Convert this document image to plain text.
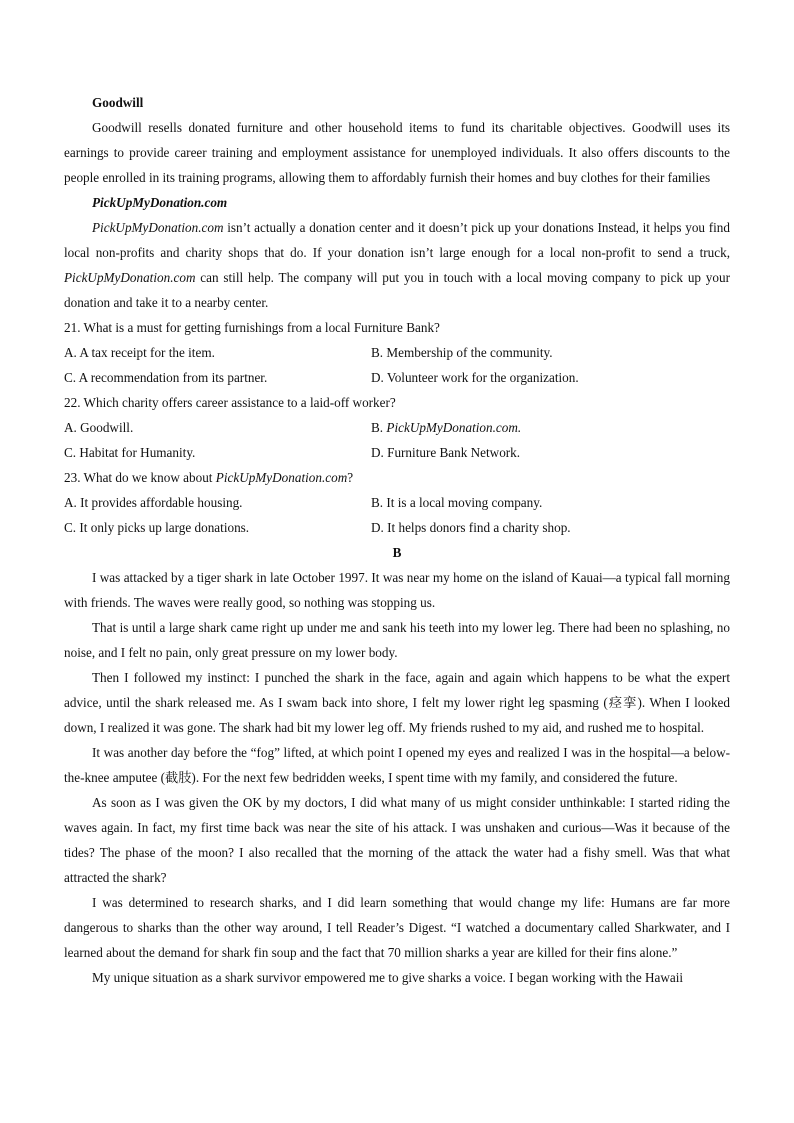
Goodwill

Goodwill resells donated furniture and other household items to fund its charitable objectives. Goodwill uses its earnings to provide career training and employment assistance for unemployed individuals. It also offers discounts to the people enrolled in its training programs, allowing them to affordably furnish their homes and buy clothes for their families

PickUpMyDonation.com

PickUpMyDonation.com isn’t actually a donation center and it doesn’t pick up your donations Instead, it helps you find local non-profits and charity shops that do. If your donation isn’t large enough for a local non-profit to send a truck, PickUpMyDonation.com can still help. The company will put you in touch with a local moving company to pick up your donation and take it to a nearby center.

21. What is a must for getting furnishings from a local Furniture Bank?
A. A tax receipt for the item.	B. Membership of the community.
C. A recommendation from its partner.	D. Volunteer work for the organization.
22. Which charity offers career assistance to a laid-off worker?
A. Goodwill.	B. PickUpMyDonation.com.
C. Habitat for Humanity.	D. Furniture Bank Network.
23. What do we know about PickUpMyDonation.com?
A. It provides affordable housing.	B. It is a local moving company.
C. It only picks up large donations.	D. It helps donors find a charity shop.
B

I was attacked by a tiger shark in late October 1997. It was near my home on the island of Kauai—a typical fall morning with friends. The waves were really good, so nothing was stopping us.

That is until a large shark came right up under me and sank his teeth into my lower leg. There had been no splashing, no noise, and I felt no pain, only great pressure on my lower body.

Then I followed my instinct: I punched the shark in the face, again and again which happens to be what the expert advice, until the shark released me. As I swam back into shore, I felt my lower right leg spasming (痉挛). When I looked down, I realized it was gone. The shark had bit my lower leg off. My friends rushed to my aid, and rushed me to hospital.

It was another day before the “fog” lifted, at which point I opened my eyes and realized I was in the hospital—a below-the-knee amputee (截肢). For the next few bedridden weeks, I spent time with my family, and considered the future.

As soon as I was given the OK by my doctors, I did what many of us might consider unthinkable: I started riding the waves again. In fact, my first time back was near the site of his attack. I was unshaken and curious—Was it because of the tides? The phase of the moon? I also recalled that the morning of the attack the water had a fishy smell. Was that what attracted the shark?

I was determined to research sharks, and I did learn something that would change my life: Humans are far more dangerous to sharks than the other way around, I tell Reader’s Digest. “I watched a documentary called Sharkwater, and I learned about the demand for shark fin soup and the fact that 70 million sharks a year are killed for their fins alone.”

My unique situation as a shark survivor empowered me to give sharks a voice. I began working with the Hawaii
